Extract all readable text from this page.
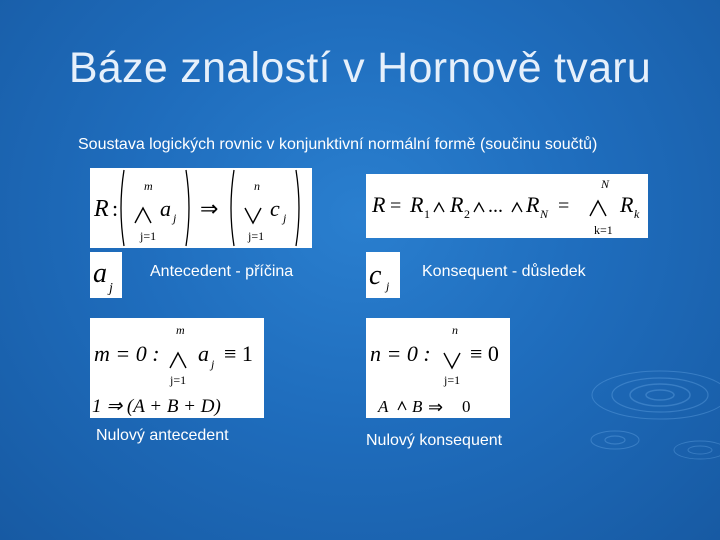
Báze znalostí v Hornově tvaru
Soustava logických rovnic v konjunktivní normální formě (součinu součtů)
R :
m
j=1
a j ⇒
n
j=1
c j
R = R 1 R 2 ... R N =
N
k=1
R k
a j
Antecedent - příčina	c j
Konsequent - důsledek
m = 0 :
m
j=1
a j ≡ 1
1 ⇒ (A + B + D)
Nulový antecedent
n = 0 :
n
j=1
≡ 0
A B ⇒ 0
Nulový konsequent
